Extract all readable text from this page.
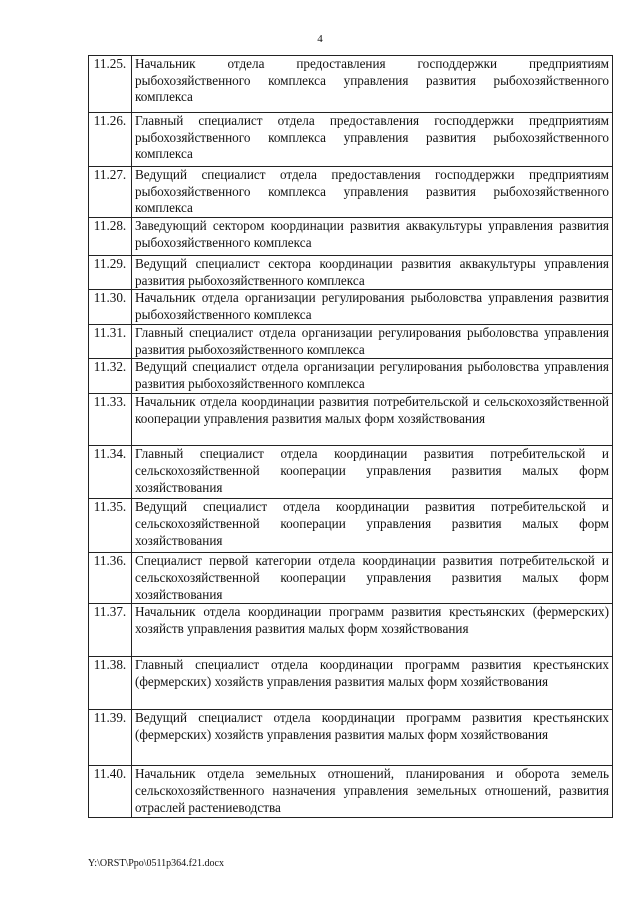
4
11.25.	Начальник отдела предоставления господдержки предприятиям рыбохозяйственного комплекса управления развития рыбохозяйственного комплекса
11.26.	Главный специалист отдела предоставления господдержки предприятиям рыбохозяйственного комплекса управления развития рыбохозяйственного комплекса
11.27.	Ведущий специалист отдела предоставления господдержки предприятиям рыбохозяйственного комплекса управления развития рыбохозяйственного комплекса
11.28.	Заведующий сектором координации развития аквакультуры управления развития рыбохозяйственного комплекса
11.29.	Ведущий специалист сектора координации развития аквакультуры управления развития рыбохозяйственного комплекса
11.30.	Начальник отдела организации регулирования рыболовства управления развития рыбохозяйственного комплекса
11.31.	Главный специалист отдела организации регулирования рыболовства управления развития рыбохозяйственного комплекса
11.32.	Ведущий специалист отдела организации регулирования рыболовства управления развития рыбохозяйственного комплекса
11.33.	Начальник отдела координации развития потребительской и сельскохозяйственной кооперации управления развития малых форм хозяйствования
11.34.	Главный специалист отдела координации развития потребительской и сельскохозяйственной кооперации управления развития малых форм хозяйствования
11.35.	Ведущий специалист отдела координации развития потребительской и сельскохозяйственной кооперации управления развития малых форм хозяйствования
11.36.	Специалист первой категории отдела координации развития потребительской и сельскохозяйственной кооперации управления развития малых форм хозяйствования
11.37.	Начальник отдела координации программ развития крестьянских (фермерских) хозяйств управления развития малых форм хозяйствования
11.38.	Главный специалист отдела координации программ развития крестьянских (фермерских) хозяйств управления развития малых форм хозяйствования
11.39.	Ведущий специалист отдела координации программ развития крестьянских (фермерских) хозяйств управления развития малых форм хозяйствования
11.40.	Начальник отдела земельных отношений, планирования и оборота земель сельскохозяйственного назначения управления земельных отношений, развития отраслей растениеводства
Y:\ORST\Ppo\0511p364.f21.docx
